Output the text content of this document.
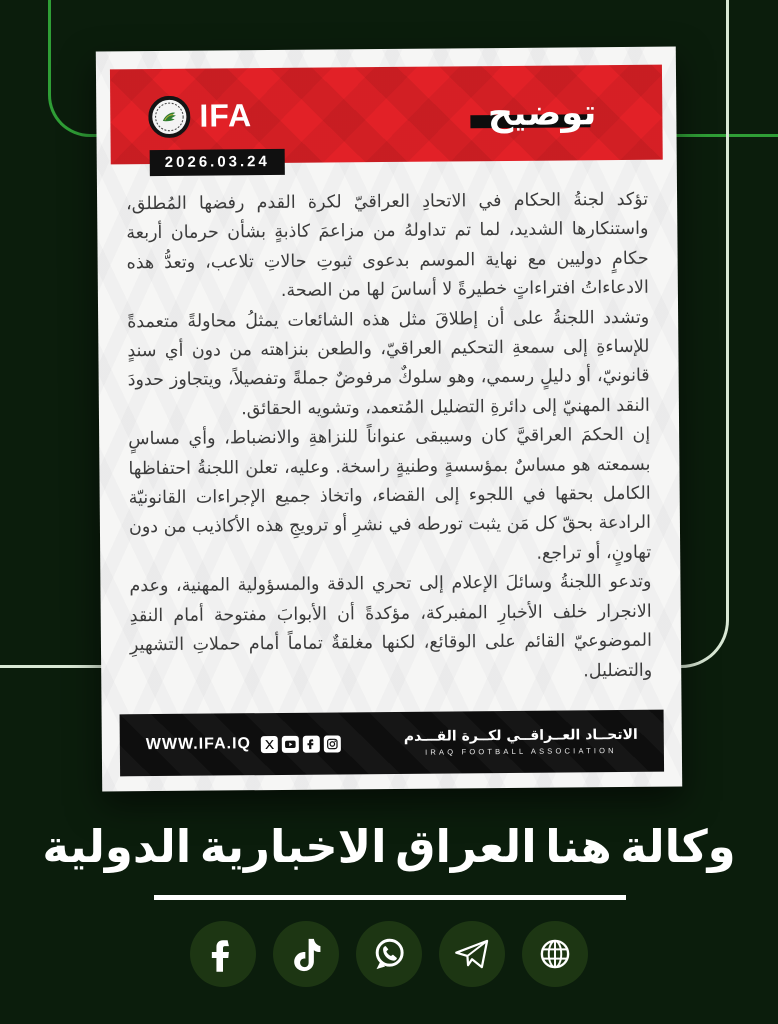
IFA	توضيح
2026.03.24

تؤكد لجنةُ الحكام في الاتحادِ العراقيّ لكرة القدم رفضها المُطلق، واستنكارها الشديد، لما تم تداولهُ من مزاعمَ كاذبةٍ بشأن حرمان أربعة حكامٍ دوليين مع نهاية الموسم بدعوى ثبوتِ حالاتِ تلاعب، وتعدُّ هذه الادعاءاتُ افتراءاتٍ خطيرةً لا أساسَ لها من الصحة.

وتشدد اللجنةُ على أن إطلاقَ مثل هذه الشائعات يمثلُ محاولةً متعمدةً للإساءةِ إلى سمعةِ التحكيم العراقيّ، والطعن بنزاهته من دون أي سندٍ قانونيّ، أو دليلٍ رسمي، وهو سلوكٌ مرفوضٌ جملةً وتفصيلاً، ويتجاوز حدودَ النقد المهنيّ إلى دائرةِ التضليل المُتعمد، وتشويه الحقائق.

إن الحكمَ العراقيَّ كان وسيبقى عنواناً للنزاهةِ والانضباط، وأي مساسٍ بسمعته هو مساسٌ بمؤسسةٍ وطنيةٍ راسخة. وعليه، تعلن اللجنةُ احتفاظها الكامل بحقها في اللجوء إلى القضاء، واتخاذ جميع الإجراءات القانونيّة الرادعة بحقّ كل مَن يثبت تورطه في نشرِ أو ترويجِ هذه الأكاذيب من دون تهاونٍ، أو تراجع.

وتدعو اللجنةُ وسائلَ الإعلام إلى تحري الدقة والمسؤولية المهنية، وعدم الانجرار خلف الأخبارِ المفبركة، مؤكدةً أن الأبوابَ مفتوحة أمام النقدِ الموضوعيّ القائم على الوقائع، لكنها مغلقةٌ تماماً أمام حملاتِ التشهيرِ والتضليل.

WWW.IFA.IQ	الاتحــاد العــراقــي لكــرة القـــدم
IRAQ FOOTBALL ASSOCIATION
وكالة هنا العراق الاخبارية الدولية
